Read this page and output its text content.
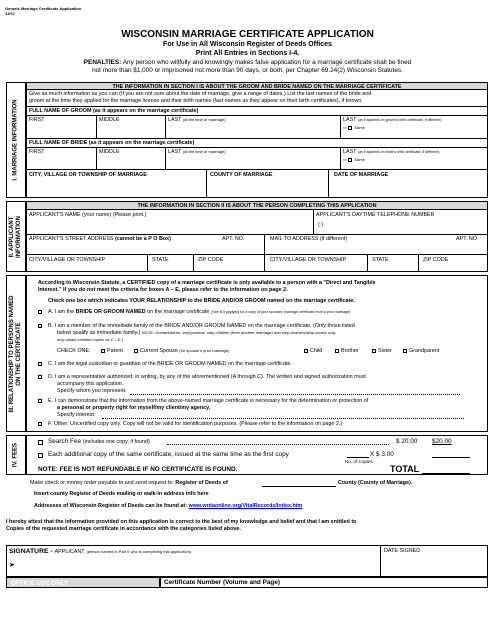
Generic Marriage Certificate Application
11/07
WISCONSIN MARRIAGE CERTIFICATE APPLICATION
For Use in All Wisconsin Register of Deeds Offices
Print All Entries in Sections I-4.
PENALTIES: Any person who willfully and knowingly makes false application for a marriage certificate shall be fined
not more than $1,000 or imprisoned not more than 90 days, or both, per Chapter 69.24(2) Wisconsin Statutes.
I. MARRIAGE INFORMATION
THE INFORMATION IN SECTION I IS ABOUT THE GROOM AND BRIDE NAMED ON THE MARRIAGE CERTIFICATE
Give as much information as you can (If you are not sure about the date of marriage, give a range of dates.) List the last names of the bride and
groom at the time they applied for the marriage license and their birth names (last names as they appear on their birth certificates), if known.
FULL NAME OF GROOM (as it appears on the marriage certificate)
FIRST	MIDDLE	LAST (at the time of marriage)	LAST (as it appears on groom's birth certificate, if different)
⇦ Same
FULL NAME OF BRIDE (as it appears on the marriage certificate)
FIRST	MIDDLE	LAST (at the time of marriage)	LAST (as it appears on bride's birth certificate, if different)
⇦ Same
CITY, VILLAGE OR TOWNSHIP OF MARRIAGE	COUNTY OF MARRIAGE	DATE OF MARRIAGE
II. APPLICANT
INFORMATION
THE INFORMATION IN SECTION II IS ABOUT THE PERSON COMPLETING THIS APPLICATION
APPLICANT'S NAME (your name) (Please print.)	APPLICANT'S DAYTIME TELEPHONE NUMBER
( )
APPLICANT'S STREET ADDRESS (cannot be a P O Box)	APT. NO.	MAIL TO ADDRESS (if different)	APT. NO.
CITY/VILLAGE OR TOWNSHIP	STATE	ZIP CODE	CITY/VILLAGE OR TOWNSHIP	STATE	ZIP CODE
III. RELATIONSHIP TO PERSONS NAMED
ON THE CERTIFICATE
According to Wisconsin Statute, a CERTIFIED copy of a marriage certificate is only available to a person with a "Direct and Tangible
Interest." If you do not meet the criteria for boxes A – E, please refer to the information on page 2.
Check one box which indicates YOUR RELATIONSHIP to the BRIDE AND/OR GROOM named on the marriage certificate.
A. I am the BRIDE OR GROOM NAMED on the marriage certificate (See B if applying for a copy of your spouses' marriage certificate from a prior marriage)
B. I am a member of the immediate family of the BRIDE AND/OR GROOM NAMED on the marriage certificate. (Only those listed
below qualify as immediate family.) NOTE: Grandchildren, step-parents, step children (from another marriage) and step-brothers/step-sisters may
only obtain certified copies as C – E.)
CHECK ONE:	Parent	Current Spouse (for spouse's prior marriage)	Child	Brother	Sister	Grandparent
C. I am the legal custodian or guardian of the BRIDE OR GROOM NAMED on the marriage certificate.
D. I am a representative authorized, in writing, by any of the aforementioned (A through C). The written and signed authorization must
accompany this application.
Specify whom you represent.
E. I can demonstrate that the information from the above-named marriage certificate is necessary for the determination or protection of
a personal or property right for myself/my client/my agency.
Specify interest:
F. Other: Uncertified copy only. Copy will not be valid for identification purposes. (Please refer to the information on page 2.)
IV. FEES
Search Fee (includes one copy, if found)	$ 20.00 $20.00
Each additional copy of the same certificate, issued at the same time as the first copy	X $ 3.00
No. of Copies
NOTE: FEE IS NOT REFUNDABLE IF NO CERTIFICATE IS FOUND.	TOTAL
Make check or money order payable to and send request to: Register of Deeds of	County (County of Marriage).
Insert county Register of Deeds mailing or walk-in address info here
Addresses of Wisconsin Register of Deeds can be found at: www.wrdaonline.org/VitalRecords/Index.htm
I hereby attest that the information provided on this application is correct to the best of my knowledge and belief and that I am entitled to
Copies of the requested marriage certificate in accordance with the categories listed above.
SIGNATURE - APPLICANT (person named in Part II who is completing this application)
➤
DATE SIGNED
OFFICE USE ONLY	Certificate Number (Volume and Page)
